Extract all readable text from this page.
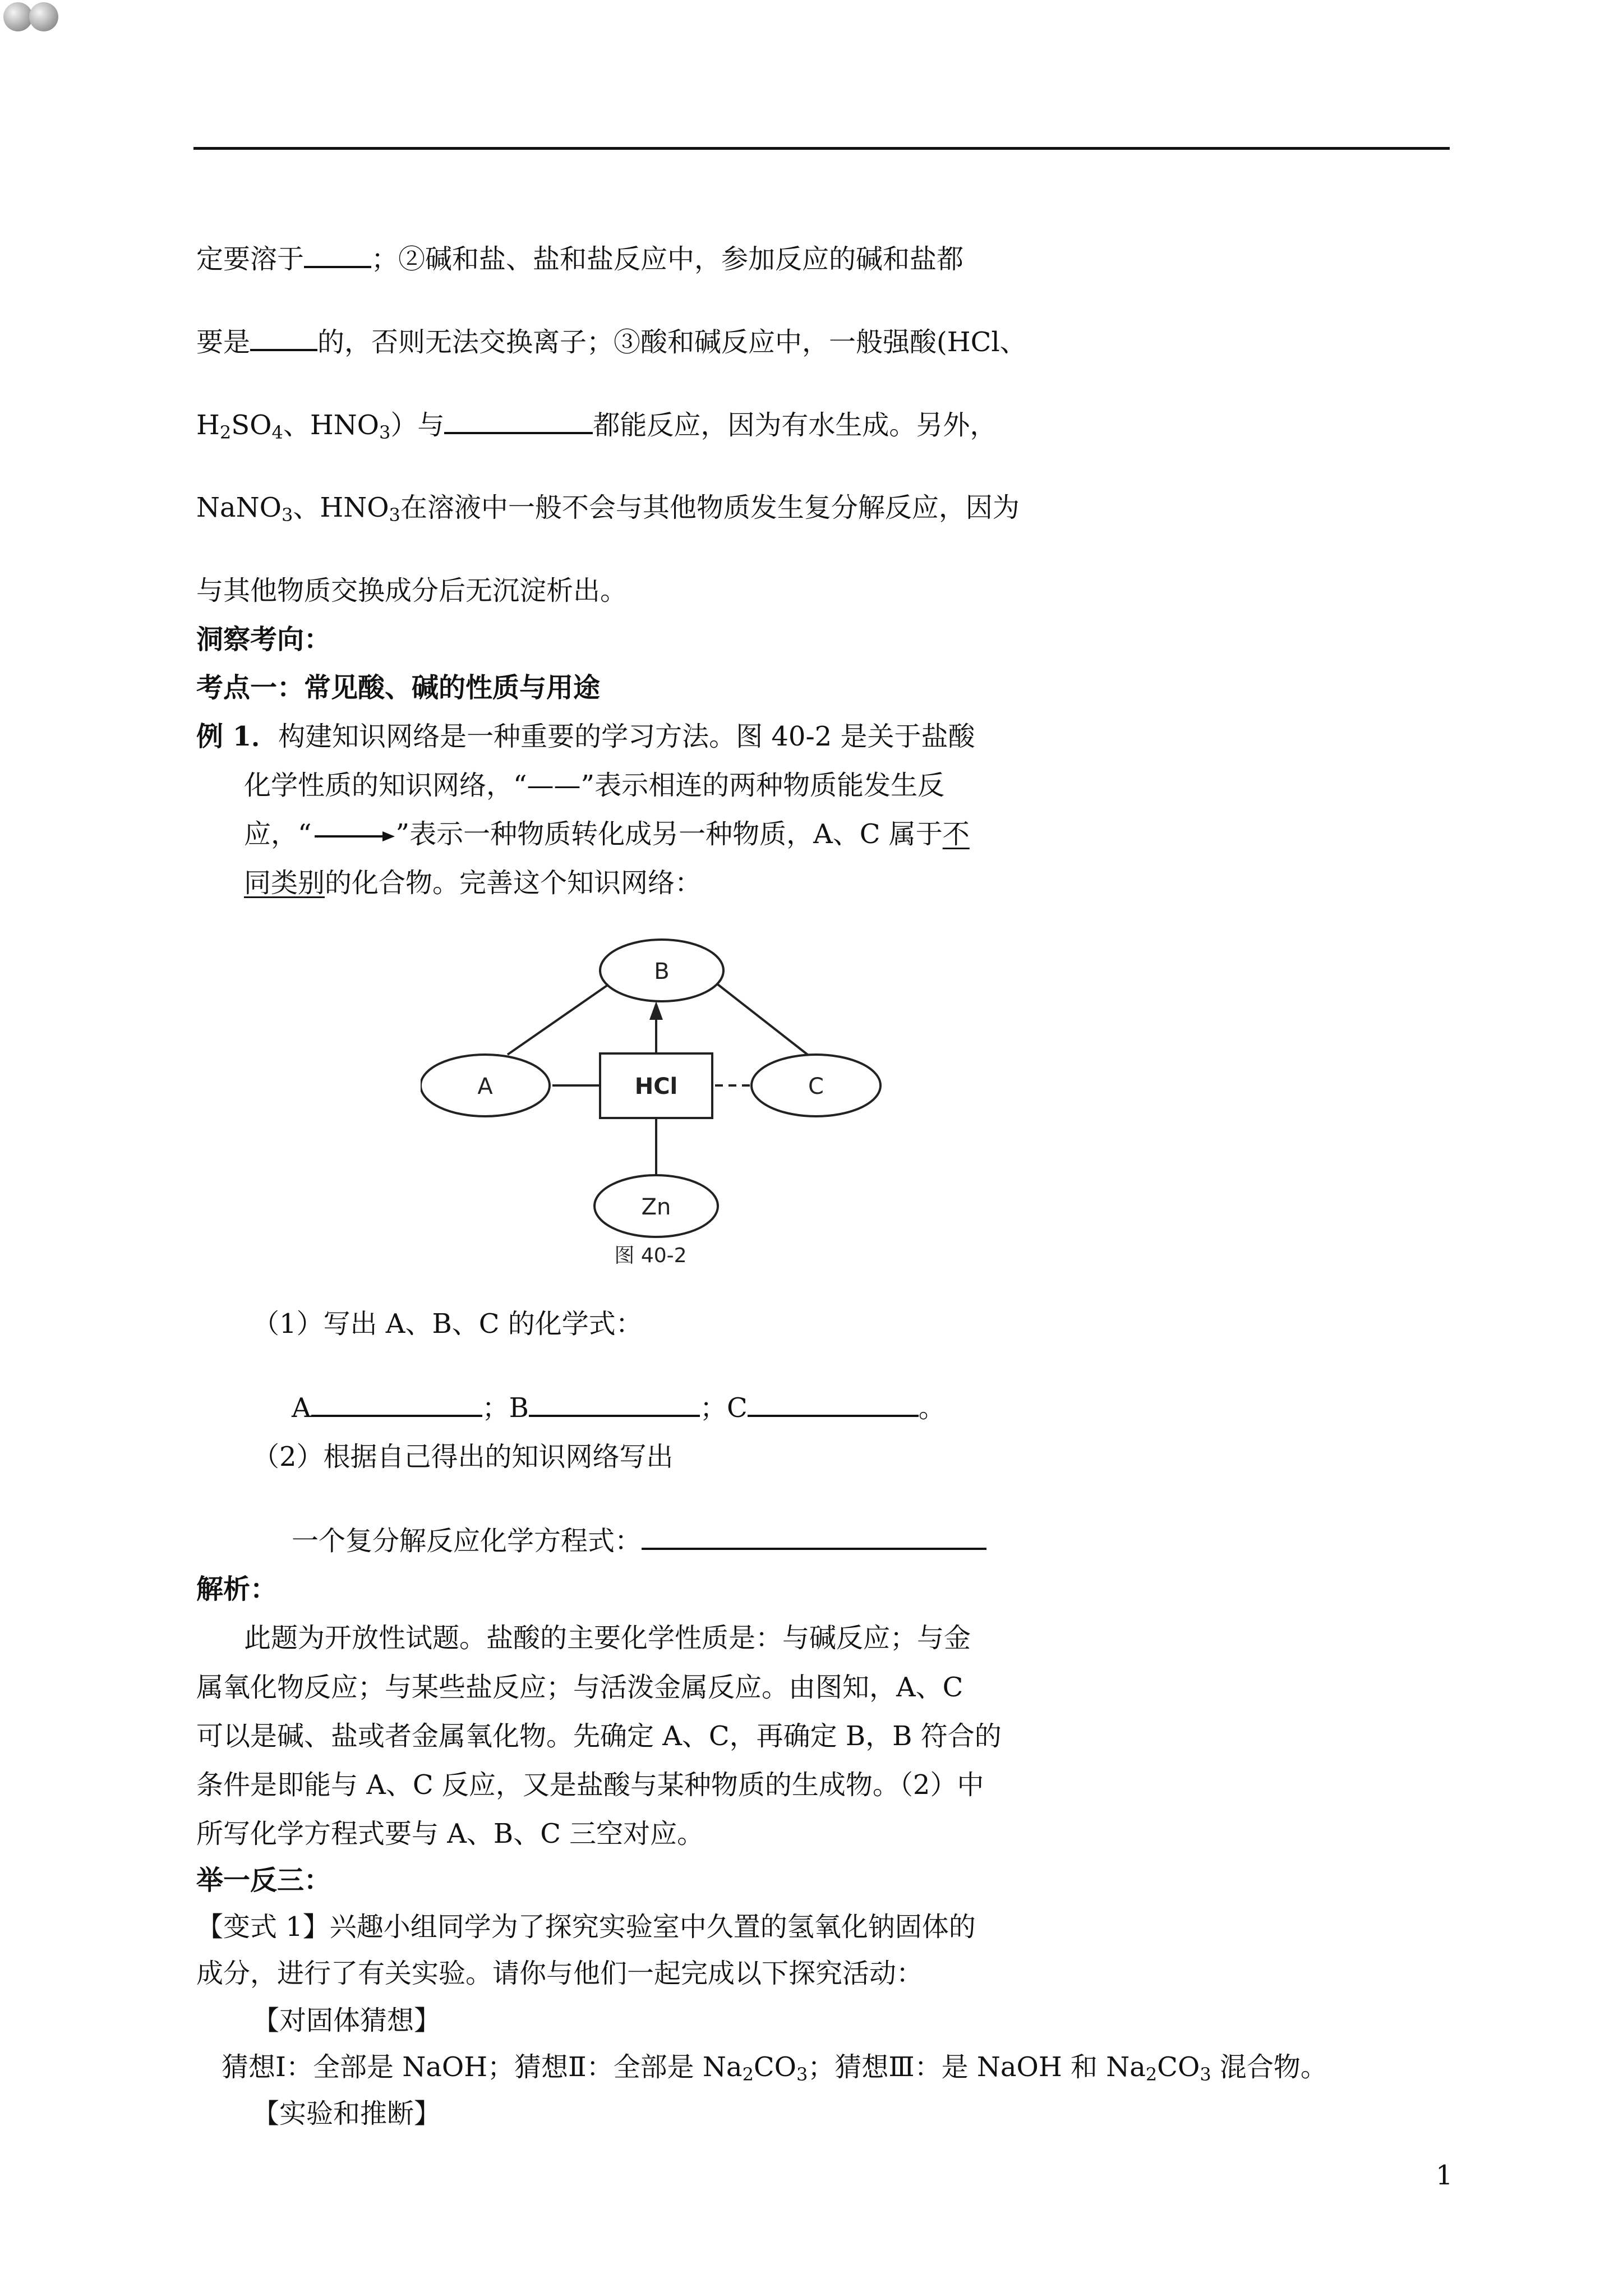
定要溶于	；②碱和盐、盐和盐反应中，参加反应的碱和盐都
要是	的，否则无法交换离子；③酸和碱反应中，一般强酸(HCl、
$H_2SO_4$、$HNO_3$）与	都能反应，因为有水生成。另外，
NaNO$_3$、$HNO_3$在溶液中一般不会与其他物质发生复分解反应，因为
与其他物质交换成分后无沉淀析出。
洞察考向：
考点一：常见酸、碱的性质与用途
例 1．构建知识网络是一种重要的学习方法。图 40-2 是关于盐酸
化学性质的知识网络，“——”表示相连的两种物质能发生反
应，“	”表示一种物质转化成另一种物质，A、C 属于不
同类别的化合物。完善这个知识网络：
B
A	C
HCl
Zn
图 40-2
（1）写出 A、B、C 的化学式：
A	；B	；C	。
（2）根据自己得出的知识网络写出
一个复分解反应化学方程式：
解析：
此题为开放性试题。盐酸的主要化学性质是：与碱反应；与金
属氧化物反应；与某些盐反应；与活泼金属反应。由图知，A、C
可以是碱、盐或者金属氧化物。先确定 A、C，再确定 B，B 符合的
条件是即能与 A、C 反应，又是盐酸与某种物质的生成物。（2）中
所写化学方程式要与 A、B、C 三空对应。
举一反三：
【变式 1】兴趣小组同学为了探究实验室中久置的氢氧化钠固体的
成分，进行了有关实验。请你与他们一起完成以下探究活动：
【对固体猜想】
猜想Ⅰ：全部是 NaOH；猜想Ⅱ：全部是 $Na_2CO_3$；猜想Ⅲ：是 NaOH 和 $Na_2CO_3$ 混合物。
【实验和推断】
1
